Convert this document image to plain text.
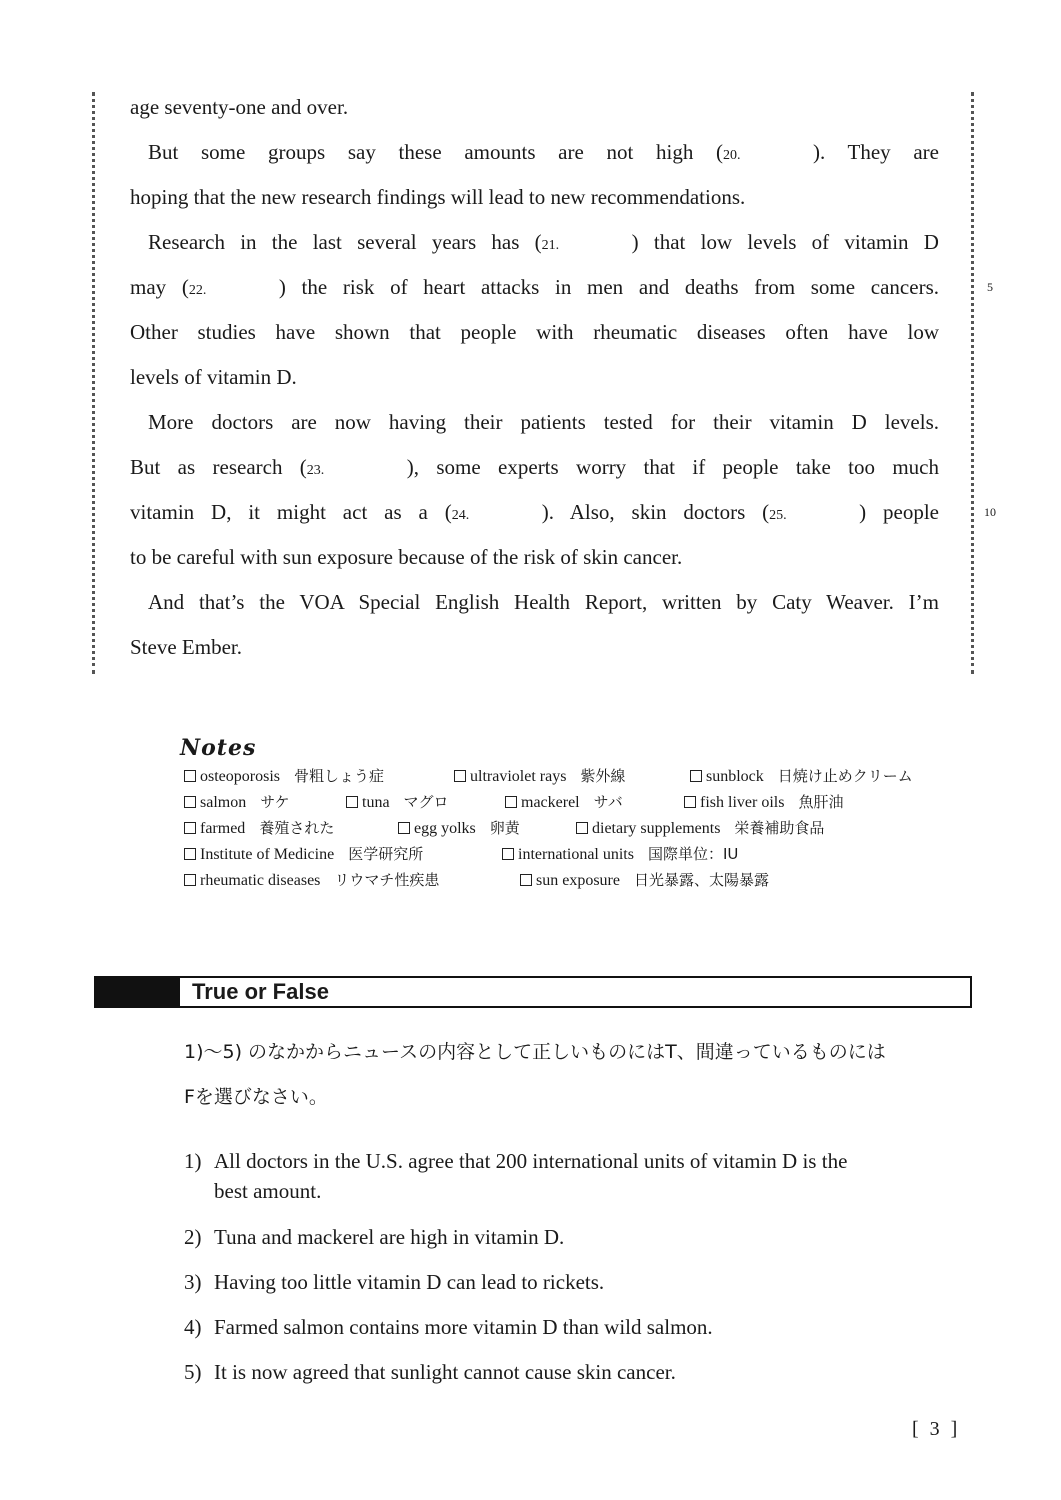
age seventy-one and over.
But some groups say these amounts are not high (20.	). They are
hoping that the new research findings will lead to new recommendations.
Research in the last several years has (21.	) that low levels of vitamin D
may (22.	) the risk of heart attacks in men and deaths from some cancers.	5
Other studies have shown that people with rheumatic diseases often have low
levels of vitamin D.
More doctors are now having their patients tested for their vitamin D levels.
But as research (23.	), some experts worry that if people take too much
vitamin D, it might act as a (24.	). Also, skin doctors (25.	) people	10
to be careful with sun exposure because of the risk of skin cancer.
And that’s the VOA Special English Health Report, written by Caty Weaver. I’m
Steve Ember.
Notes
osteoporosis 骨粗しょう症	ultraviolet rays 紫外線	sunblock 日焼け止めクリーム
salmon サケ	tuna マグロ	mackerel サバ	fish liver oils 魚肝油
farmed 養殖された	egg yolks 卵黄	dietary supplements 栄養補助食品
Institute of Medicine 医学研究所	international units 国際単位：IU
rheumatic diseases リウマチ性疾患	sun exposure 日光暴露、太陽暴露
True or False
1)～5) のなかからニュースの内容として正しいものにはT、間違っているものには
Fを選びなさい。
1) All doctors in the U.S. agree that 200 international units of vitamin D is the
best amount.
2) Tuna and mackerel are high in vitamin D.
3) Having too little vitamin D can lead to rickets.
4) Farmed salmon contains more vitamin D than wild salmon.
5) It is now agreed that sunlight cannot cause skin cancer.
[ 3 ]
